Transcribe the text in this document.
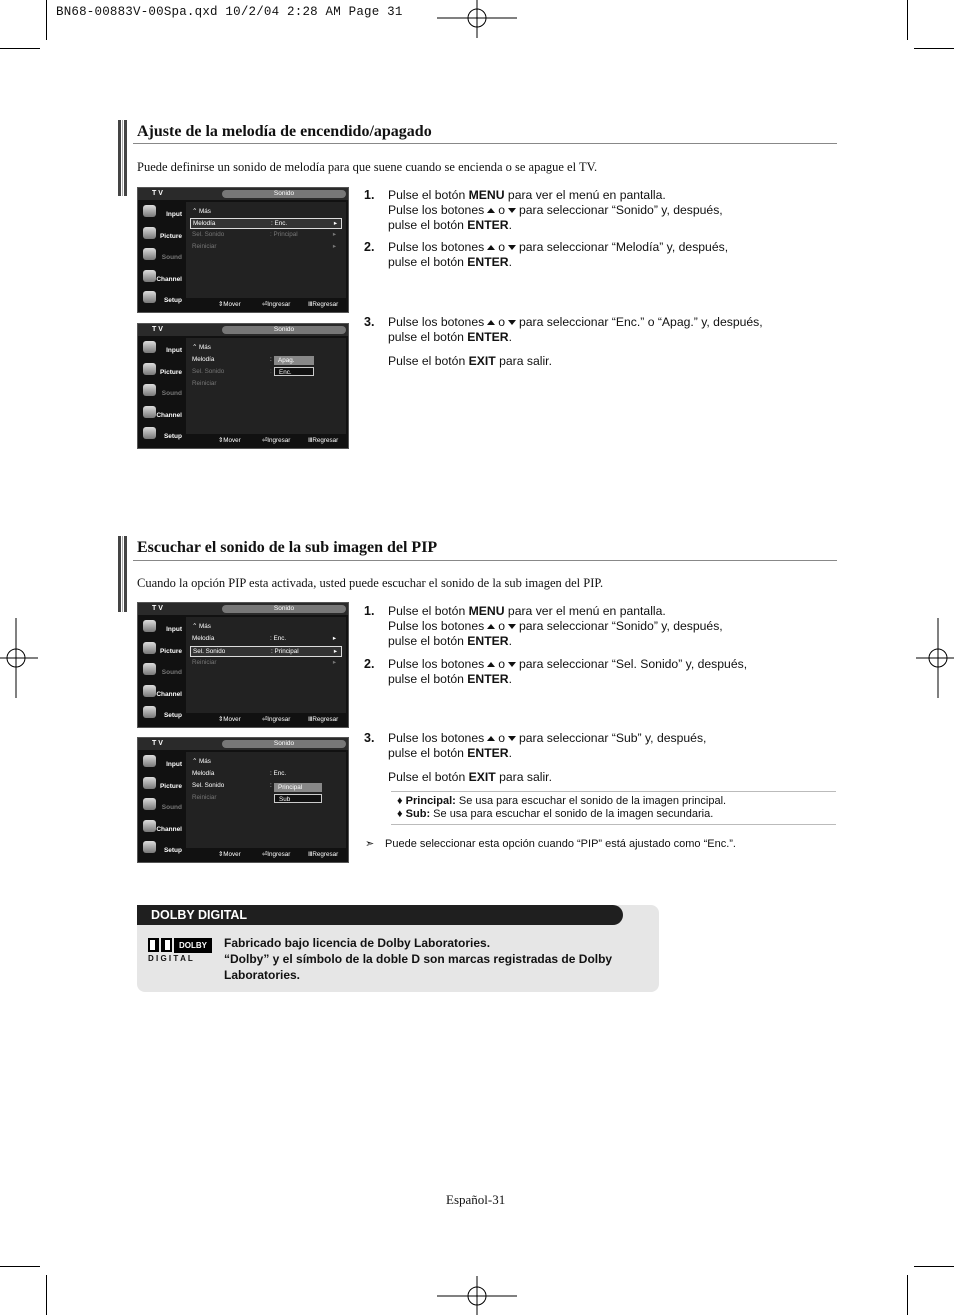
BN68-00883V-00Spa.qxd 10/2/04 2:28 AM Page 31
Ajuste de la melodía de encendido/apagado
Puede definirse un sonido de melodía para que suene cuando se encienda o se apague el TV.
T V	Sonido
Input
Picture
Sound
Channel
Setup
⌃ Más
Melodía	: Enc.	▸
Sel. Sonido	: Principal	▸
Reiniciar	▸
⇕ Mover	⏎ Ingresar	Ⅲ Regresar
T V	Sonido
Input
Picture
Sound
Channel
Setup
⌃ Más
Melodía	:
Sel. Sonido	:
Reiniciar
Apag.
Enc.
⇕ Mover	⏎ Ingresar	Ⅲ Regresar
1. Pulse el botón MENU para ver el menú en pantalla.
Pulse los botones o para seleccionar “Sonido” y, después,
pulse el botón ENTER.
2. Pulse los botones o para seleccionar “Melodía” y, después,
pulse el botón ENTER.
3. Pulse los botones o para seleccionar “Enc.” o “Apag.” y, después,
pulse el botón ENTER.
Pulse el botón EXIT para salir.
Escuchar el sonido de la sub imagen del PIP
Cuando la opción PIP esta activada, usted puede escuchar el sonido de la sub imagen del PIP.
T V	Sonido
Input
Picture
Sound
Channel
Setup
⌃ Más
Melodía	: Enc.	▸
Sel. Sonido	: Principal	▸
Reiniciar	▸
⇕ Mover	⏎ Ingresar	Ⅲ Regresar
T V	Sonido
Input
Picture
Sound
Channel
Setup
⌃ Más
Melodía	: Enc.
Sel. Sonido	:
Reiniciar
Principal
Sub
⇕ Mover	⏎ Ingresar	Ⅲ Regresar
1. Pulse el botón MENU para ver el menú en pantalla.
Pulse los botones o para seleccionar “Sonido” y, después,
pulse el botón ENTER.
2. Pulse los botones o para seleccionar “Sel. Sonido” y, después,
pulse el botón ENTER.
3. Pulse los botones o para seleccionar “Sub” y, después,
pulse el botón ENTER.
Pulse el botón EXIT para salir.
♦ Principal: Se usa para escuchar el sonido de la imagen principal.
♦ Sub: Se usa para escuchar el sonido de la imagen secundaria.
➣ Puede seleccionar esta opción cuando “PIP” está ajustado como “Enc.”.
DOLBY DIGITAL
DOLBY
D I G I T A L
Fabricado bajo licencia de Dolby Laboratories.
“Dolby” y el símbolo de la doble D son marcas registradas de Dolby
Laboratories.
Español-31
